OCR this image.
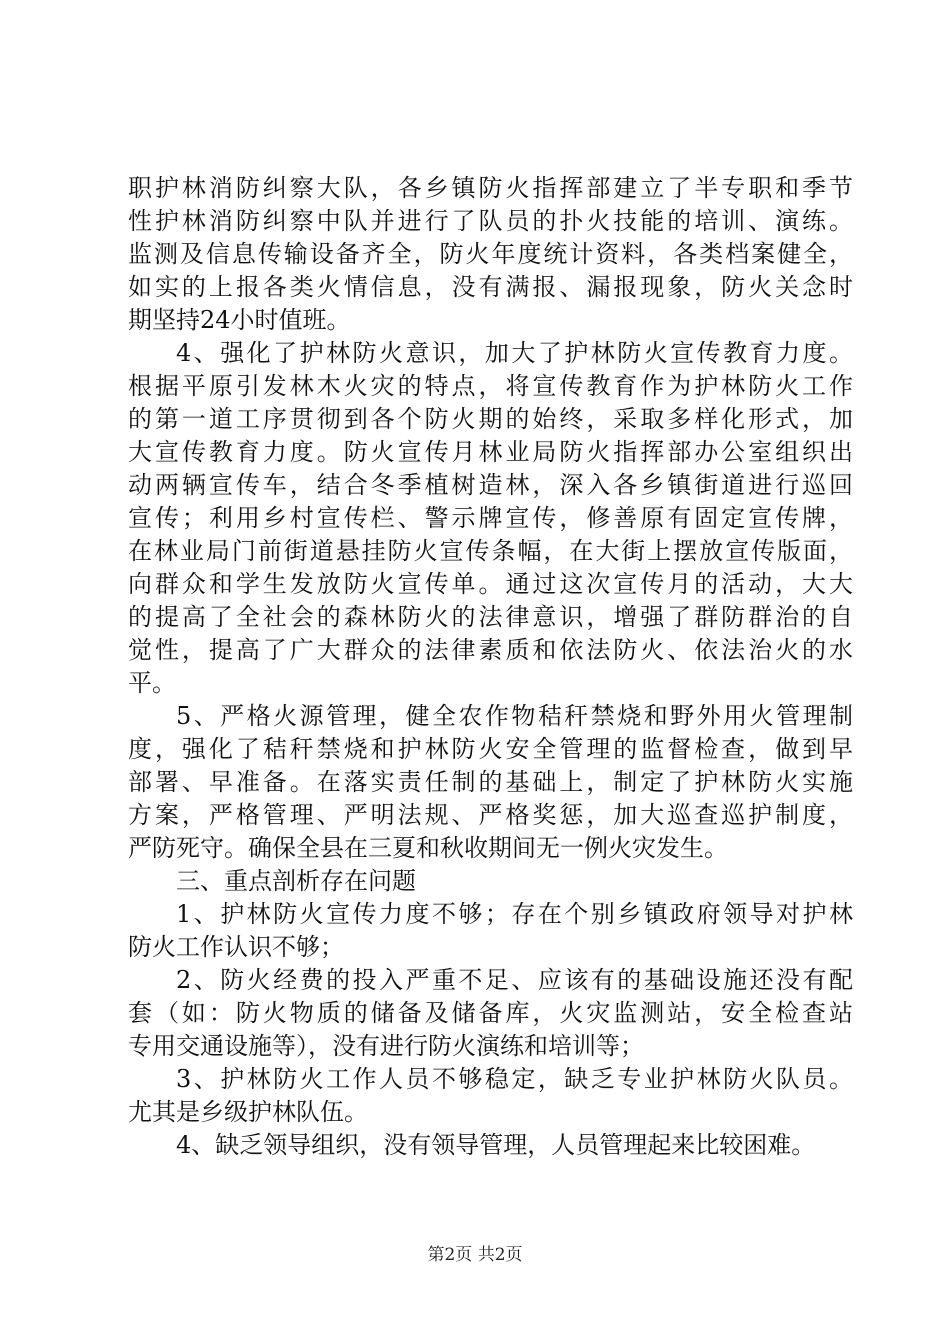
职护林消防纠察大队，各乡镇防火指挥部建立了半专职和季节
性护林消防纠察中队并进行了队员的扑火技能的培训、演练。
监测及信息传输设备齐全，防火年度统计资料，各类档案健全，
如实的上报各类火情信息，没有满报、漏报现象，防火关念时
期坚持24小时值班。
4、强化了护林防火意识，加大了护林防火宣传教育力度。
根据平原引发林木火灾的特点，将宣传教育作为护林防火工作
的第一道工序贯彻到各个防火期的始终，采取多样化形式，加
大宣传教育力度。防火宣传月林业局防火指挥部办公室组织出
动两辆宣传车，结合冬季植树造林，深入各乡镇街道进行巡回
宣传；利用乡村宣传栏、警示牌宣传，修善原有固定宣传牌，
在林业局门前街道悬挂防火宣传条幅，在大街上摆放宣传版面，
向群众和学生发放防火宣传单。通过这次宣传月的活动，大大
的提高了全社会的森林防火的法律意识，增强了群防群治的自
觉性，提高了广大群众的法律素质和依法防火、依法治火的水
平。
5、严格火源管理，健全农作物秸秆禁烧和野外用火管理制
度，强化了秸秆禁烧和护林防火安全管理的监督检查，做到早
部署、早准备。在落实责任制的基础上，制定了护林防火实施
方案，严格管理、严明法规、严格奖惩，加大巡查巡护制度，
严防死守。确保全县在三夏和秋收期间无一例火灾发生。
三、重点剖析存在问题
1、护林防火宣传力度不够；存在个别乡镇政府领导对护林
防火工作认识不够；
2、防火经费的投入严重不足、应该有的基础设施还没有配
套（如：防火物质的储备及储备库，火灾监测站，安全检查站
专用交通设施等），没有进行防火演练和培训等；
3、护林防火工作人员不够稳定，缺乏专业护林防火队员。
尤其是乡级护林队伍。
4、缺乏领导组织，没有领导管理，人员管理起来比较困难。
第2页 共2页
